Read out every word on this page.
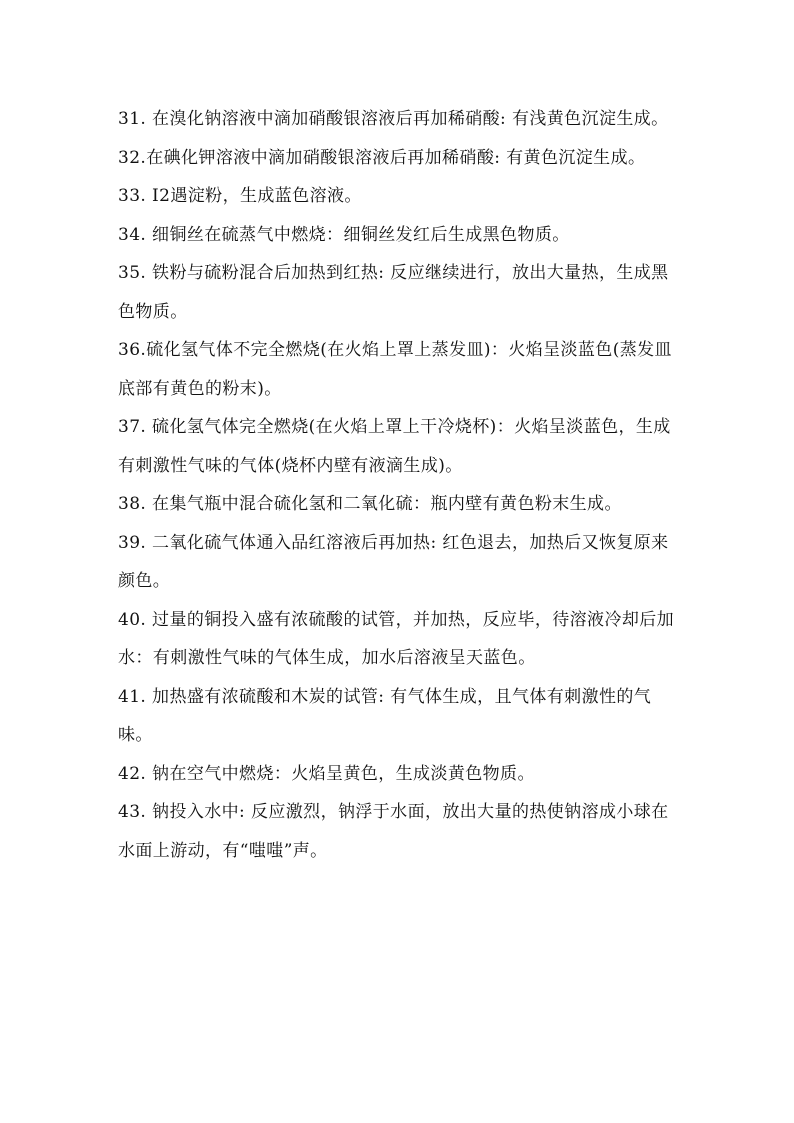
31. 在溴化钠溶液中滴加硝酸银溶液后再加稀硝酸: 有浅黄色沉淀生成。

32.在碘化钾溶液中滴加硝酸银溶液后再加稀硝酸: 有黄色沉淀生成。

33. I2遇淀粉，生成蓝色溶液。

34. 细铜丝在硫蒸气中燃烧：细铜丝发红后生成黑色物质。

35. 铁粉与硫粉混合后加热到红热: 反应继续进行，放出大量热，生成黑色物质。

36.硫化氢气体不完全燃烧(在火焰上罩上蒸发皿)：火焰呈淡蓝色(蒸发皿底部有黄色的粉末)。

37. 硫化氢气体完全燃烧(在火焰上罩上干冷烧杯)：火焰呈淡蓝色，生成有刺激性气味的气体(烧杯内壁有液滴生成)。

38. 在集气瓶中混合硫化氢和二氧化硫：瓶内壁有黄色粉末生成。

39. 二氧化硫气体通入品红溶液后再加热: 红色退去，加热后又恢复原来颜色。

40. 过量的铜投入盛有浓硫酸的试管，并加热，反应毕，待溶液冷却后加水：有刺激性气味的气体生成，加水后溶液呈天蓝色。

41. 加热盛有浓硫酸和木炭的试管: 有气体生成，且气体有刺激性的气味。

42. 钠在空气中燃烧：火焰呈黄色，生成淡黄色物质。

43. 钠投入水中: 反应激烈，钠浮于水面，放出大量的热使钠溶成小球在水面上游动，有“嗤嗤”声。
